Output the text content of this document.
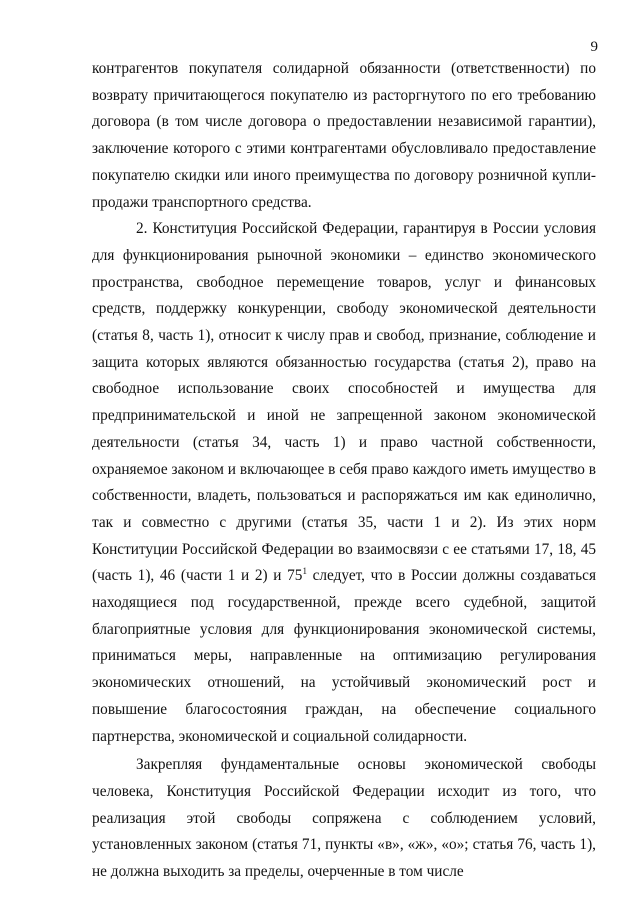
9

контрагентов покупателя солидарной обязанности (ответственности) по возврату причитающегося покупателю из расторгнутого по его требованию договора (в том числе договора о предоставлении независимой гарантии), заключение которого с этими контрагентами обусловливало предоставление покупателю скидки или иного преимущества по договору розничной купли-продажи транспортного средства.

2. Конституция Российской Федерации, гарантируя в России условия для функционирования рыночной экономики – единство экономического пространства, свободное перемещение товаров, услуг и финансовых средств, поддержку конкуренции, свободу экономической деятельности (статья 8, часть 1), относит к числу прав и свобод, признание, соблюдение и защита которых являются обязанностью государства (статья 2), право на свободное использование своих способностей и имущества для предпринимательской и иной не запрещенной законом экономической деятельности (статья 34, часть 1) и право частной собственности, охраняемое законом и включающее в себя право каждого иметь имущество в собственности, владеть, пользоваться и распоряжаться им как единолично, так и совместно с другими (статья 35, части 1 и 2). Из этих норм Конституции Российской Федерации во взаимосвязи с ее статьями 17, 18, 45 (часть 1), 46 (части 1 и 2) и $75^1$ следует, что в России должны создаваться находящиеся под государственной, прежде всего судебной, защитой благоприятные условия для функционирования экономической системы, приниматься меры, направленные на оптимизацию регулирования экономических отношений, на устойчивый экономический рост и повышение благосостояния граждан, на обеспечение социального партнерства, экономической и социальной солидарности.

Закрепляя фундаментальные основы экономической свободы человека, Конституция Российской Федерации исходит из того, что реализация этой свободы сопряжена с соблюдением условий, установленных законом (статья 71, пункты «в», «ж», «о»; статья 76, часть 1), не должна выходить за пределы, очерченные в том числе
